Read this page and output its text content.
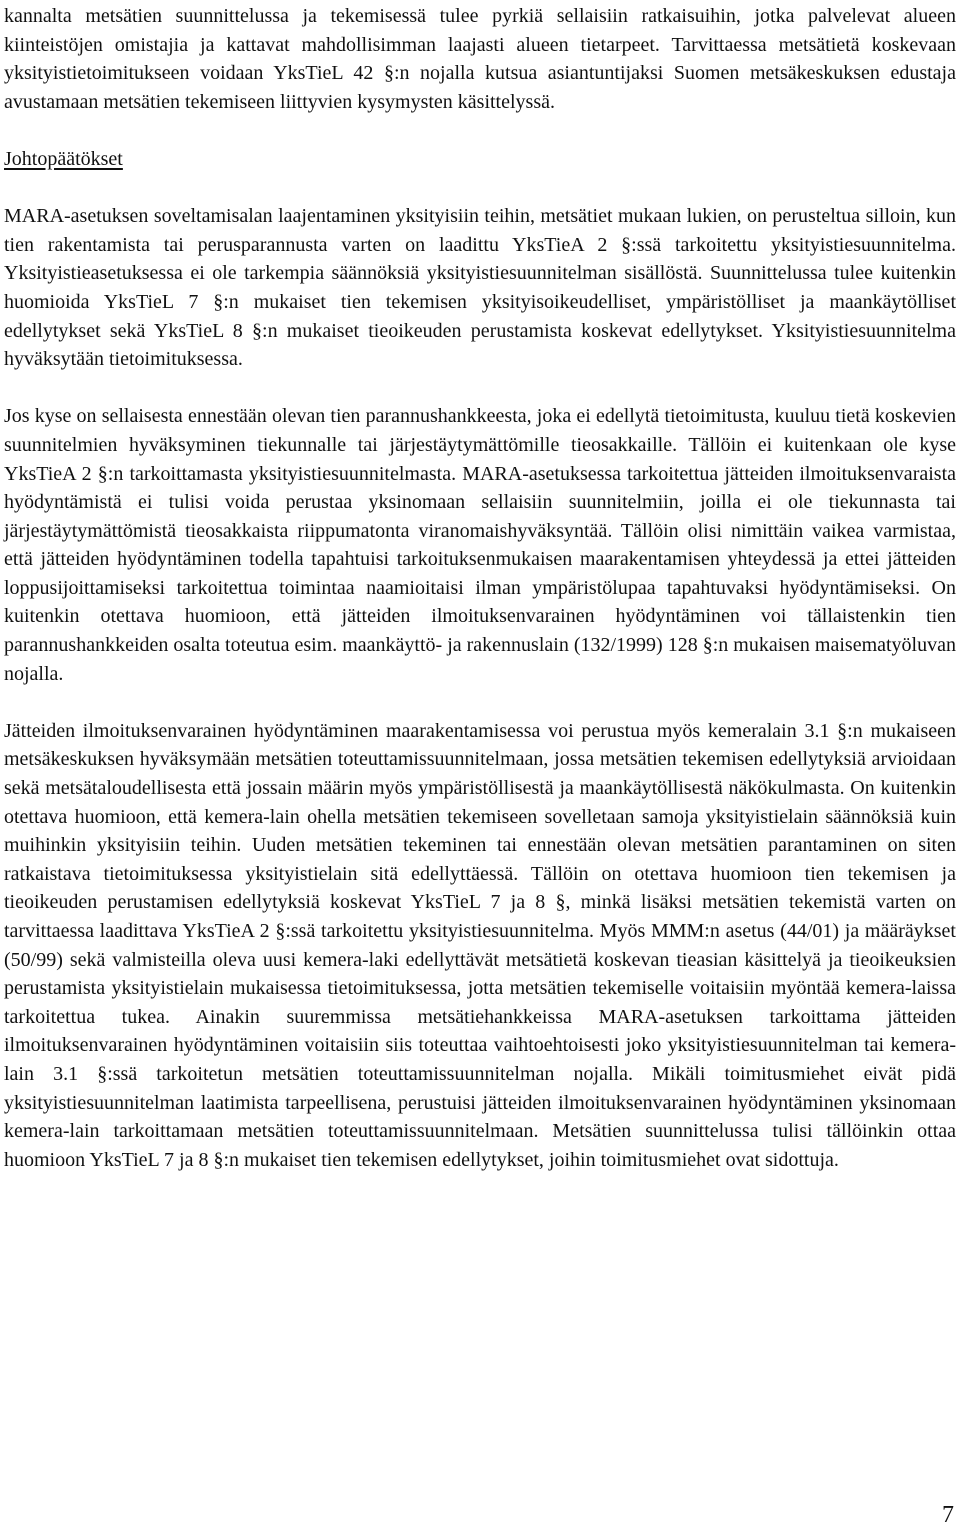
kannalta metsätien suunnittelussa ja tekemisessä tulee pyrkiä sellaisiin ratkaisuihin, jotka palvelevat alueen kiinteistöjen omistajia ja kattavat mahdollisimman laajasti alueen tietarpeet. Tarvittaessa metsätietä koskevaan yksityistietoimitukseen voidaan YksTieL 42 §:n nojalla kutsua asiantuntijaksi Suomen metsäkeskuksen edustaja avustamaan metsätien tekemiseen liittyvien kysymysten käsittelyssä.

Johtopäätökset

MARA-asetuksen soveltamisalan laajentaminen yksityisiin teihin, metsätiet mukaan lukien, on perusteltua silloin, kun tien rakentamista tai perusparannusta varten on laadittu YksTieA 2 §:ssä tarkoitettu yksityistiesuunnitelma. Yksityistieasetuksessa ei ole tarkempia säännöksiä yksityistiesuunnitelman sisällöstä. Suunnittelussa tulee kuitenkin huomioida YksTieL 7 §:n mukaiset tien tekemisen yksityisoikeudelliset, ympäristölliset ja maankäytölliset edellytykset sekä YksTieL 8 §:n mukaiset tieoikeuden perustamista koskevat edellytykset. Yksityistiesuunnitelma hyväksytään tietoimituksessa.

Jos kyse on sellaisesta ennestään olevan tien parannushankkeesta, joka ei edellytä tietoimitusta, kuuluu tietä koskevien suunnitelmien hyväksyminen tiekunnalle tai järjestäytymättömille tieosakkaille. Tällöin ei kuitenkaan ole kyse YksTieA 2 §:n tarkoittamasta yksityistiesuunnitelmasta. MARA-asetuksessa tarkoitettua jätteiden ilmoituksenvaraista hyödyntämistä ei tulisi voida perustaa yksinomaan sellaisiin suunnitelmiin, joilla ei ole tiekunnasta tai järjestäytymättömistä tieosakkaista riippumatonta viranomaishyväksyntää. Tällöin olisi nimittäin vaikea varmistaa, että jätteiden hyödyntäminen todella tapahtuisi tarkoituksenmukaisen maarakentamisen yhteydessä ja ettei jätteiden loppusijoittamiseksi tarkoitettua toimintaa naamioitaisi ilman ympäristölupaa tapahtuvaksi hyödyntämiseksi. On kuitenkin otettava huomioon, että jätteiden ilmoituksenvarainen hyödyntäminen voi tällaistenkin tien parannushankkeiden osalta toteutua esim. maankäyttö- ja rakennuslain (132/1999) 128 §:n mukaisen maisematyöluvan nojalla.

Jätteiden ilmoituksenvarainen hyödyntäminen maarakentamisessa voi perustua myös kemeralain 3.1 §:n mukaiseen metsäkeskuksen hyväksymään metsätien toteuttamissuunnitelmaan, jossa metsätien tekemisen edellytyksiä arvioidaan sekä metsätaloudellisesta että jossain määrin myös ympäristöllisestä ja maankäytöllisestä näkökulmasta. On kuitenkin otettava huomioon, että kemera-lain ohella metsätien tekemiseen sovelletaan samoja yksityistielain säännöksiä kuin muihinkin yksityisiin teihin. Uuden metsätien tekeminen tai ennestään olevan metsätien parantaminen on siten ratkaistava tietoimituksessa yksityistielain sitä edellyttäessä. Tällöin on otettava huomioon tien tekemisen ja tieoikeuden perustamisen edellytyksiä koskevat YksTieL 7 ja 8 §, minkä lisäksi metsätien tekemistä varten on tarvittaessa laadittava YksTieA 2 §:ssä tarkoitettu yksityistiesuunnitelma. Myös MMM:n asetus (44/01) ja määräykset (50/99) sekä valmisteilla oleva uusi kemera-laki edellyttävät metsätietä koskevan tieasian käsittelyä ja tieoikeuksien perustamista yksityistielain mukaisessa tietoimituksessa, jotta metsätien tekemiselle voitaisiin myöntää kemera-laissa tarkoitettua tukea. Ainakin suuremmissa metsätiehankkeissa MARA-asetuksen tarkoittama jätteiden ilmoituksenvarainen hyödyntäminen voitaisiin siis toteuttaa vaihtoehtoisesti joko yksityistiesuunnitelman tai kemera-lain 3.1 §:ssä tarkoitetun metsätien toteuttamissuunnitelman nojalla. Mikäli toimitusmiehet eivät pidä yksityistiesuunnitelman laatimista tarpeellisena, perustuisi jätteiden ilmoituksenvarainen hyödyntäminen yksinomaan kemera-lain tarkoittamaan metsätien toteuttamissuunnitelmaan. Metsätien suunnittelussa tulisi tällöinkin ottaa huomioon YksTieL 7 ja 8 §:n mukaiset tien tekemisen edellytykset, joihin toimitusmiehet ovat sidottuja.

7
